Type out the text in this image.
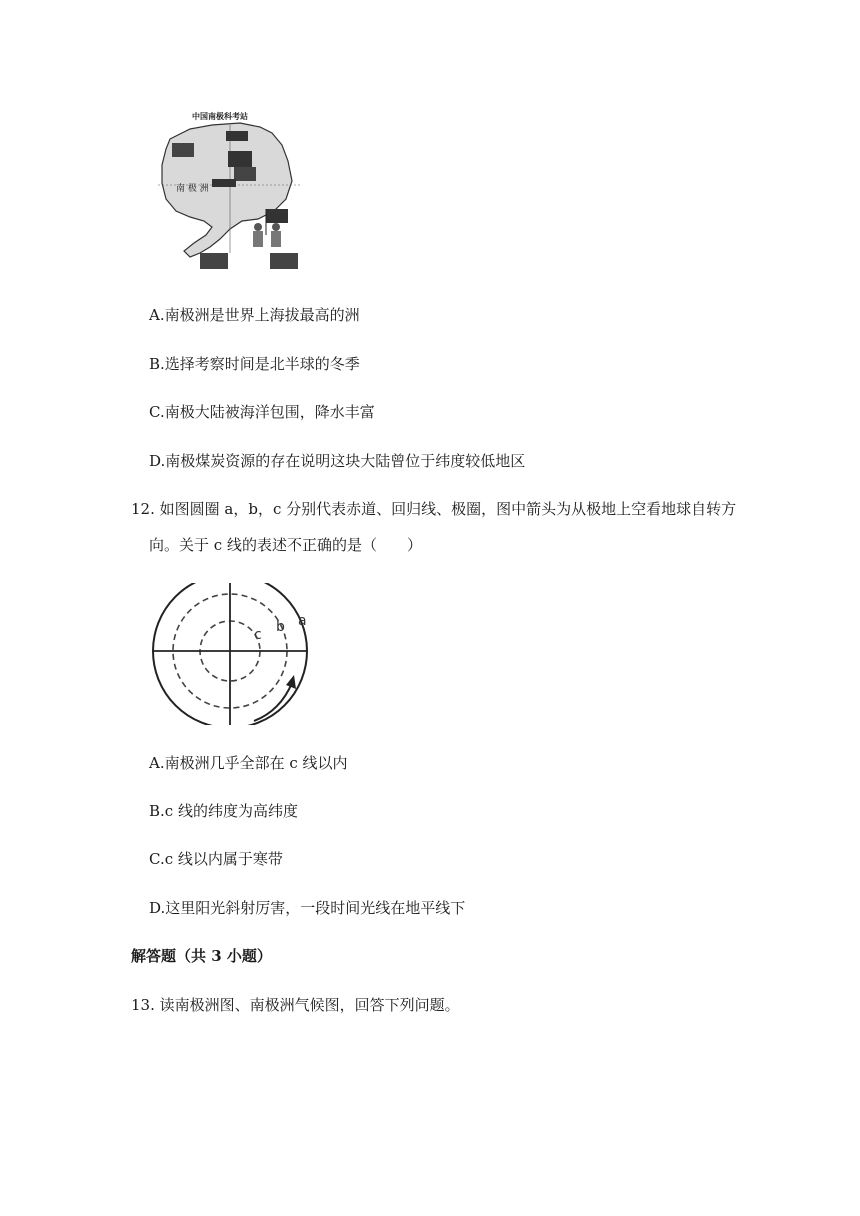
中国南极科考站
南 极 洲
A.南极洲是世界上海拔最高的洲
B.选择考察时间是北半球的冬季
C.南极大陆被海洋包围，降水丰富
D.南极煤炭资源的存在说明这块大陆曾位于纬度较低地区
12. 如图圆圈 a，b，c 分别代表赤道、回归线、极圈，图中箭头为从极地上空看地球自转方
向。关于 c 线的表述不正确的是（　　）
c b a
A.南极洲几乎全部在 c 线以内
B.c 线的纬度为高纬度
C.c 线以内属于寒带
D.这里阳光斜射厉害，一段时间光线在地平线下
解答题（共 3 小题）
13. 读南极洲图、南极洲气候图，回答下列问题。
